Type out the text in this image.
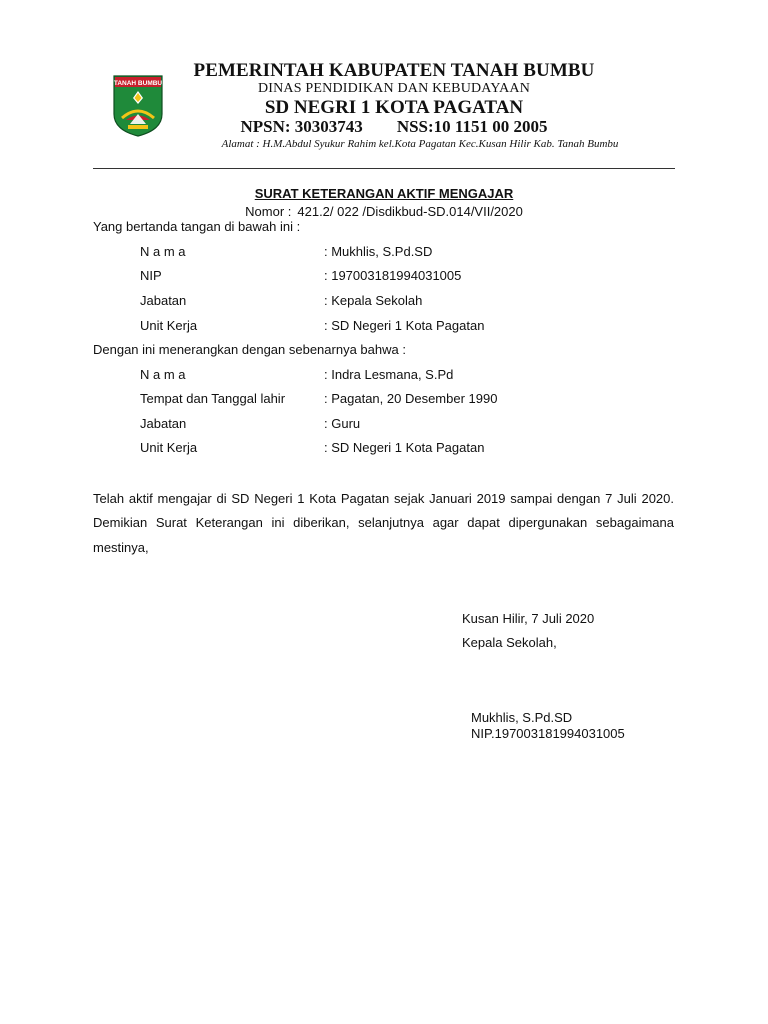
TANAH BUMBU
PEMERINTAH KABUPATEN TANAH BUMBU
DINAS PENDIDIKAN DAN KEBUDAYAAN
SD NEGRI 1 KOTA PAGATAN
NPSN: 30303743 NSS:10 1151 00 2005
Alamat : H.M.Abdul Syukur Rahim kel.Kota Pagatan Kec.Kusan Hilir Kab. Tanah Bumbu
SURAT KETERANGAN AKTIF MENGAJAR
Nomor : 421.2/ 022 /Disdikbud-SD.014/VII/2020
Yang bertanda tangan di bawah ini :
N a m a	: Mukhlis, S.Pd.SD
NIP	: 197003181994031005
Jabatan	: Kepala Sekolah
Unit Kerja	: SD Negeri 1 Kota Pagatan
Dengan ini menerangkan dengan sebenarnya bahwa :
N a m a	: Indra Lesmana, S.Pd
Tempat dan Tanggal lahir	: Pagatan, 20 Desember 1990
Jabatan	: Guru
Unit Kerja	: SD Negeri 1 Kota Pagatan
Telah aktif mengajar di SD Negeri 1 Kota Pagatan sejak Januari 2019 sampai dengan 7 Juli 2020.
Demikian Surat Keterangan ini diberikan, selanjutnya agar dapat dipergunakan sebagaimana mestinya,
Kusan Hilir, 7 Juli 2020
Kepala Sekolah,
Mukhlis, S.Pd.SD
NIP.197003181994031005
